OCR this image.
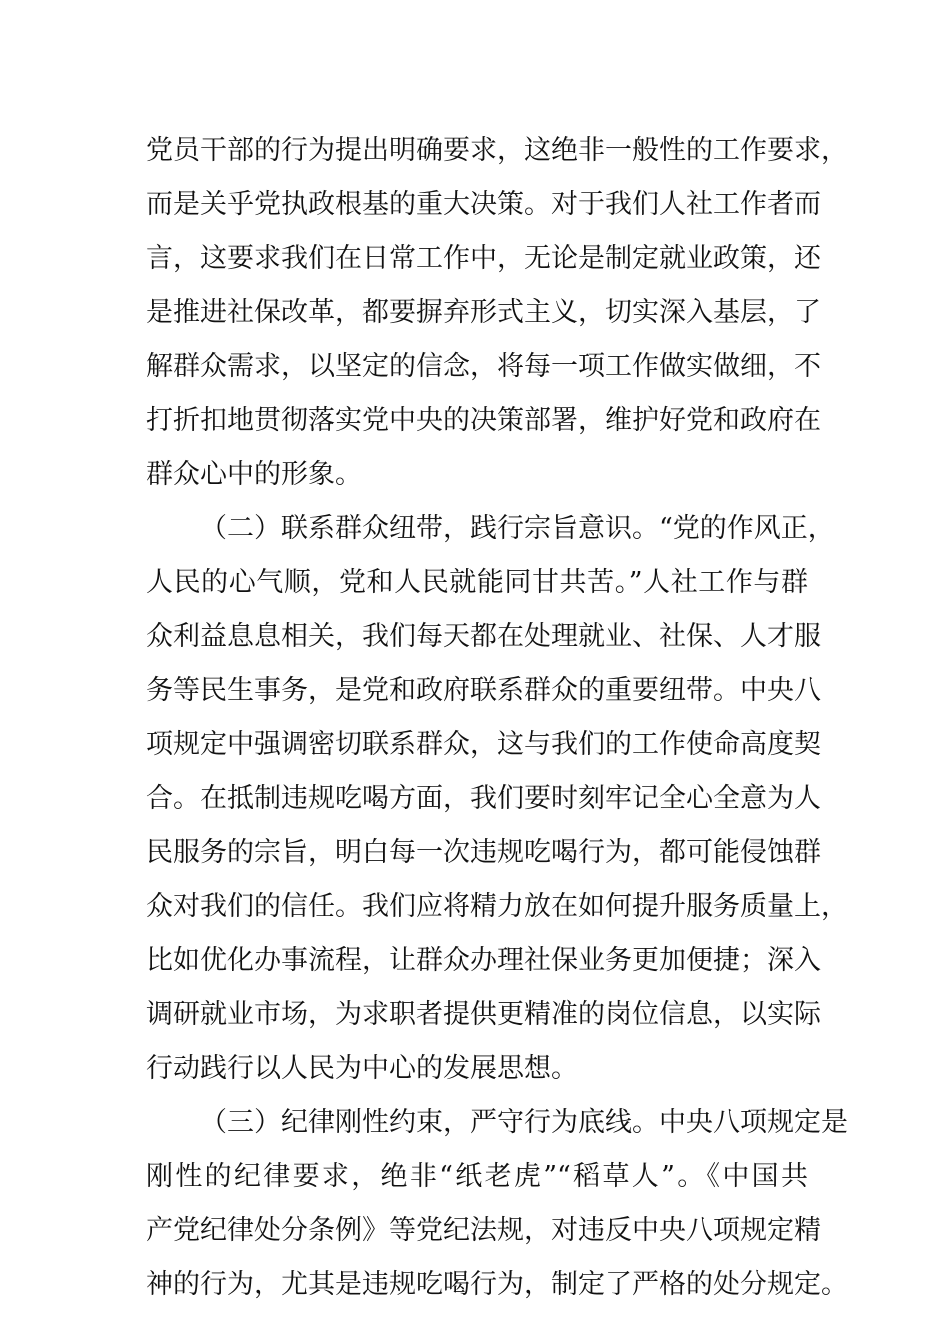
党员干部的行为提出明确要求，这绝非一般性的工作要求，
而是关乎党执政根基的重大决策。对于我们人社工作者而
言，这要求我们在日常工作中，无论是制定就业政策，还
是推进社保改革，都要摒弃形式主义，切实深入基层，了
解群众需求，以坚定的信念，将每一项工作做实做细，不
打折扣地贯彻落实党中央的决策部署，维护好党和政府在
群众心中的形象。
（二）联系群众纽带，践行宗旨意识。“党的作风正，
人民的心气顺，党和人民就能同甘共苦。”人社工作与群
众利益息息相关，我们每天都在处理就业、社保、人才服
务等民生事务，是党和政府联系群众的重要纽带。中央八
项规定中强调密切联系群众，这与我们的工作使命高度契
合。在抵制违规吃喝方面，我们要时刻牢记全心全意为人
民服务的宗旨，明白每一次违规吃喝行为，都可能侵蚀群
众对我们的信任。我们应将精力放在如何提升服务质量上，
比如优化办事流程，让群众办理社保业务更加便捷；深入
调研就业市场，为求职者提供更精准的岗位信息，以实际
行动践行以人民为中心的发展思想。
（三）纪律刚性约束，严守行为底线。中央八项规定是
刚性的纪律要求，绝非“纸老虎”“稻草人”。《中国共
产党纪律处分条例》等党纪法规，对违反中央八项规定精
神的行为，尤其是违规吃喝行为，制定了严格的处分规定。
